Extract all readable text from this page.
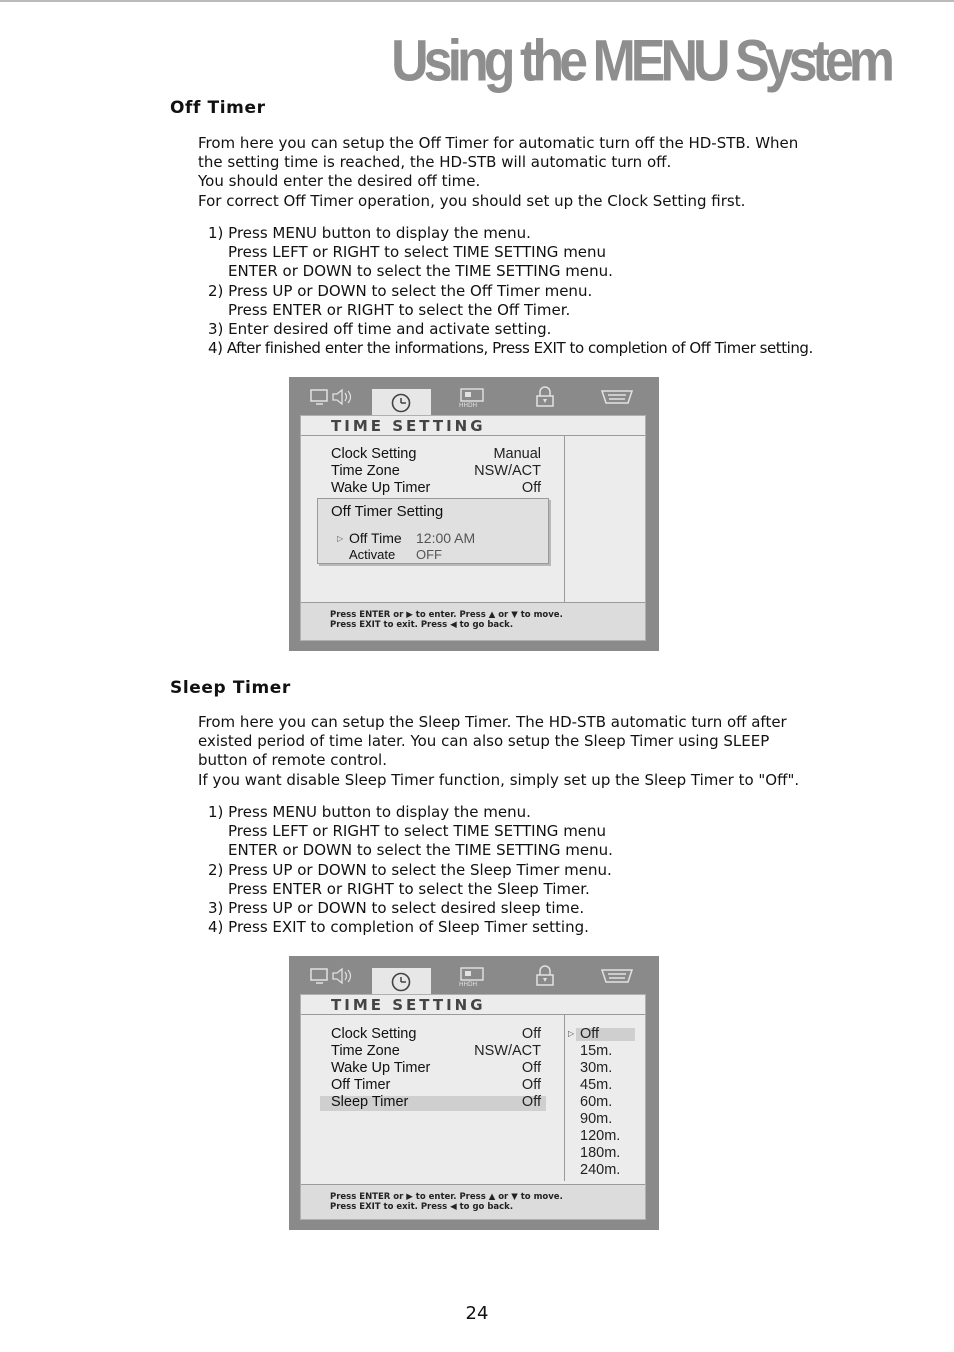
Using the MENU System
Off Timer

From here you can setup the Off Timer for automatic turn off the HD-STB. When

the setting time is reached, the HD-STB will automatic turn off.

You should enter the desired off time.

For correct Off Timer operation, you should set up the Clock Setting first.

1) Press MENU button to display the menu.

Press LEFT or RIGHT to select TIME SETTING menu

ENTER or DOWN to select the TIME SETTING menu.

2) Press UP or DOWN to select the Off Timer menu.

Press ENTER or RIGHT to select the Off Timer.

3) Enter desired off time and activate setting.

4) After finished enter the informations, Press EXIT to completion of Off Timer setting.

HHDH
TIME SETTING
Clock Setting	Manual
Time Zone	NSW/ACT
Wake Up Timer	Off
Off Timer Setting
▷ Off Time 12:00 AM
Activate OFF
Press ENTER or ▶ to enter. Press ▲ or ▼ to move.
Press EXIT to exit. Press ◀ to go back.
Sleep Timer

From here you can setup the Sleep Timer. The HD-STB automatic turn off after

existed period of time later. You can also setup the Sleep Timer using SLEEP

button of remote control.

If you want disable Sleep Timer function, simply set up the Sleep Timer to "Off".

1) Press MENU button to display the menu.

Press LEFT or RIGHT to select TIME SETTING menu

ENTER or DOWN to select the TIME SETTING menu.

2) Press UP or DOWN to select the Sleep Timer menu.

Press ENTER or RIGHT to select the Sleep Timer.

3) Press UP or DOWN to select desired sleep time.

4) Press EXIT to completion of Sleep Timer setting.

HHDH
TIME SETTING
Clock Setting	Off
Time Zone	NSW/ACT
Wake Up Timer	Off
Off Timer	Off
Sleep Timer	Off
▷ Off
15m.
30m.
45m.
60m.
90m.
120m.
180m.
240m.
Press ENTER or ▶ to enter. Press ▲ or ▼ to move.
Press EXIT to exit. Press ◀ to go back.
24
